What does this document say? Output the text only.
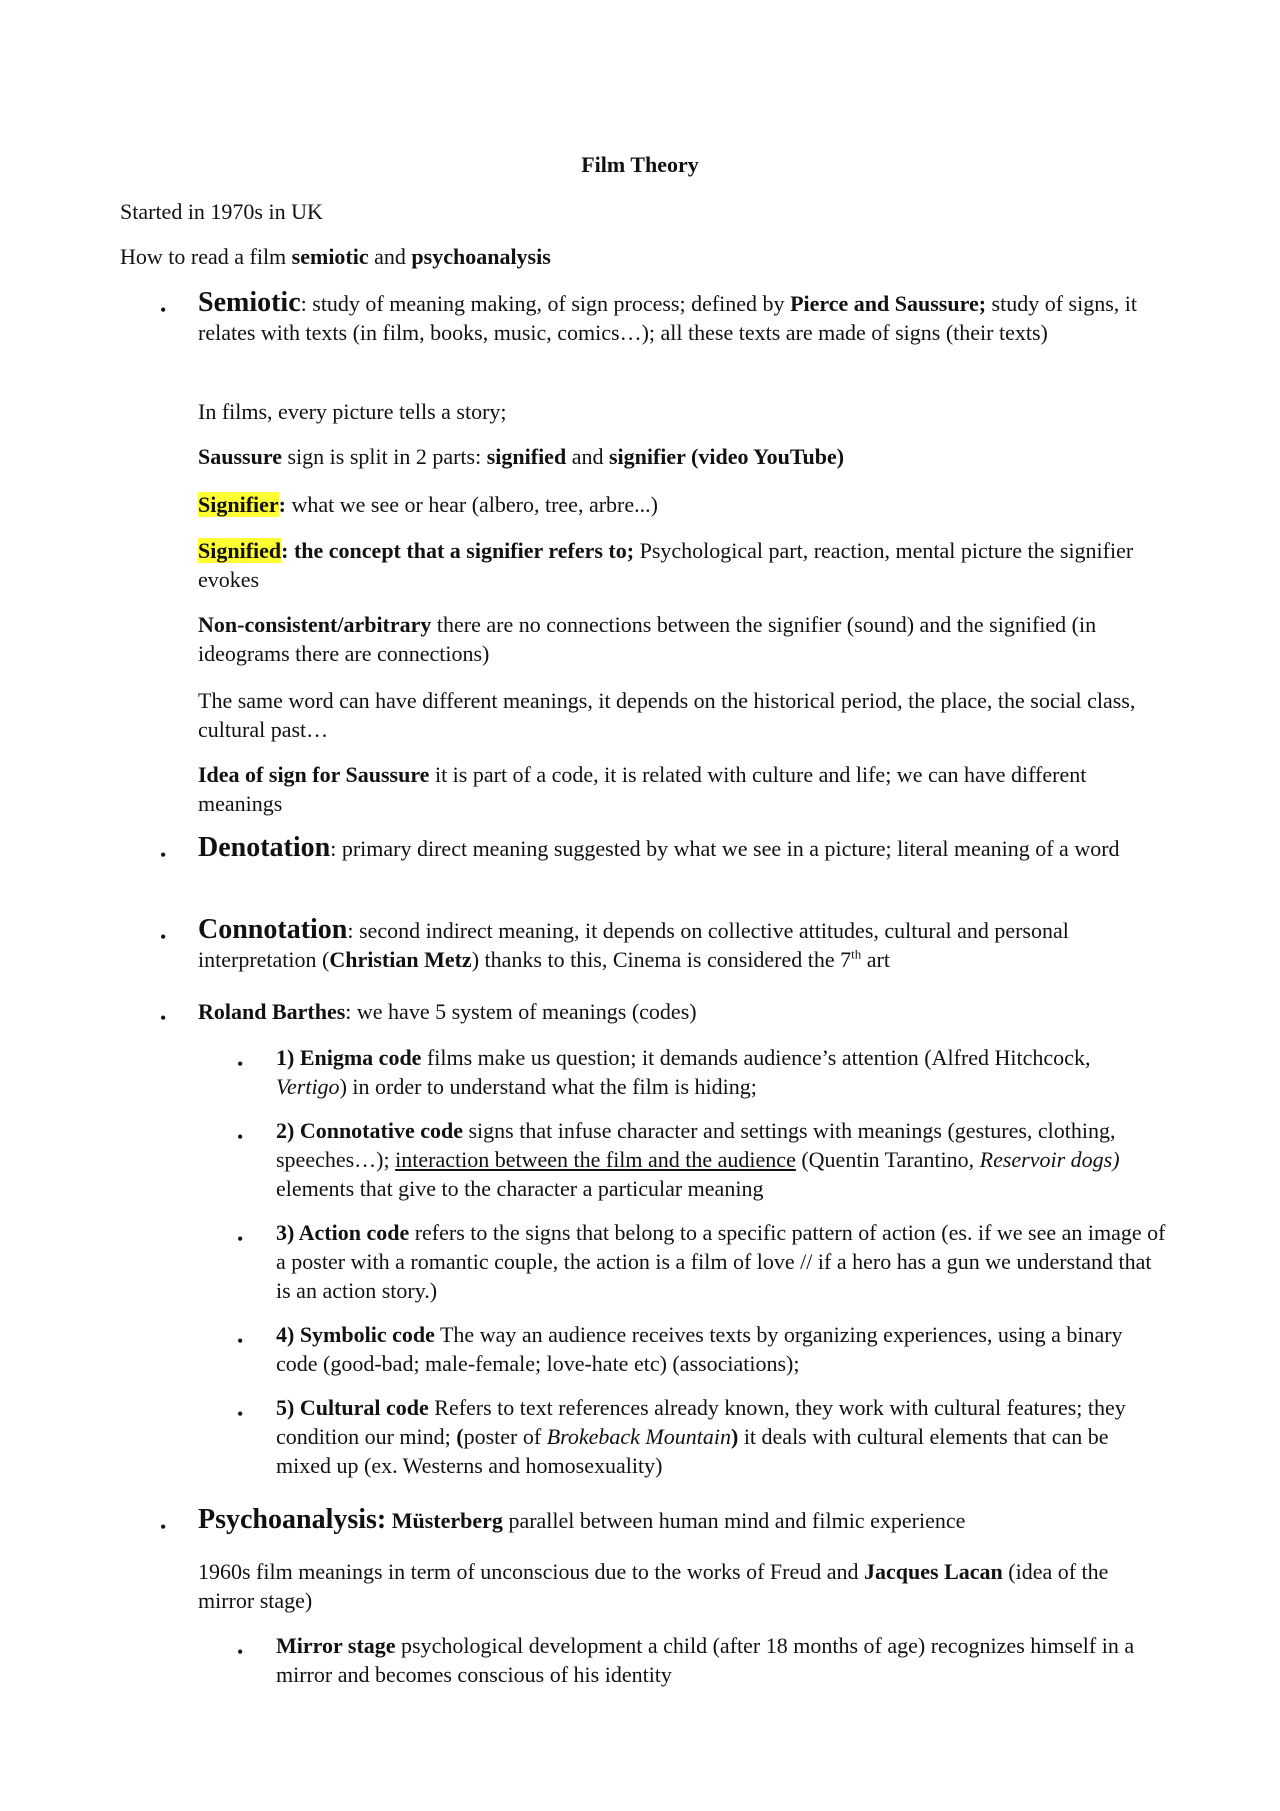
Film Theory
Started in 1970s in UK
How to read a film semiotic and psychoanalysis
• Semiotic: study of meaning making, of sign process; defined by Pierce and Saussure; study of signs, it relates with texts (in film, books, music, comics…); all these texts are made of signs (their texts)
In films, every picture tells a story;
Saussure sign is split in 2 parts: signified and signifier (video YouTube)
Signifier: what we see or hear (albero, tree, arbre...)
Signified: the concept that a signifier refers to; Psychological part, reaction, mental picture the signifier evokes
Non-consistent/arbitrary there are no connections between the signifier (sound) and the signified (in ideograms there are connections)
The same word can have different meanings, it depends on the historical period, the place, the social class, cultural past…
Idea of sign for Saussure it is part of a code, it is related with culture and life; we can have different meanings
• Denotation: primary direct meaning suggested by what we see in a picture; literal meaning of a word
• Connotation: second indirect meaning, it depends on collective attitudes, cultural and personal interpretation (Christian Metz) thanks to this, Cinema is considered the 7th art
• Roland Barthes: we have 5 system of meanings (codes)
• 1) Enigma code films make us question; it demands audience’s attention (Alfred Hitchcock, Vertigo) in order to understand what the film is hiding;
• 2) Connotative code signs that infuse character and settings with meanings (gestures, clothing, speeches…); interaction between the film and the audience (Quentin Tarantino, Reservoir dogs) elements that give to the character a particular meaning
• 3) Action code refers to the signs that belong to a specific pattern of action (es. if we see an image of a poster with a romantic couple, the action is a film of love // if a hero has a gun we understand that is an action story.)
• 4) Symbolic code The way an audience receives texts by organizing experiences, using a binary code (good-bad; male-female; love-hate etc) (associations);
• 5) Cultural code Refers to text references already known, they work with cultural features; they condition our mind; (poster of Brokeback Mountain) it deals with cultural elements that can be mixed up (ex. Westerns and homosexuality)
• Psychoanalysis: Müsterberg parallel between human mind and filmic experience
1960s film meanings in term of unconscious due to the works of Freud and Jacques Lacan (idea of the mirror stage)
• Mirror stage psychological development a child (after 18 months of age) recognizes himself in a mirror and becomes conscious of his identity
